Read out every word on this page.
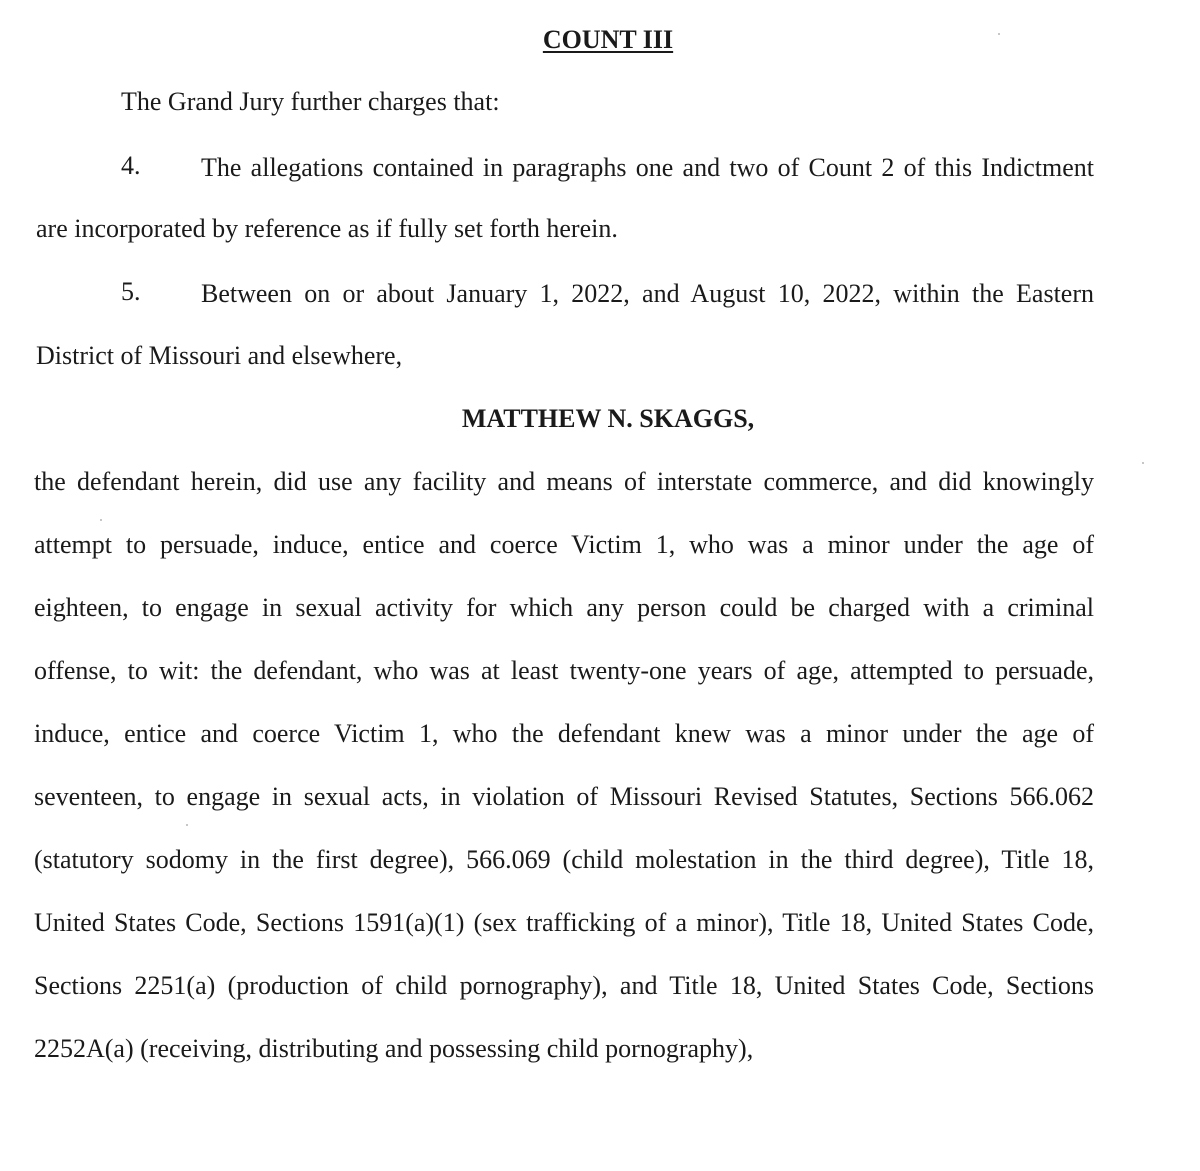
COUNT III
The Grand Jury further charges that:
4. The allegations contained in paragraphs one and two of Count 2 of this Indictment
are incorporated by reference as if fully set forth herein.
5. Between on or about January 1, 2022, and August 10, 2022, within the Eastern
District of Missouri and elsewhere,
MATTHEW N. SKAGGS,
the defendant herein, did use any facility and means of interstate commerce, and did knowingly
attempt to persuade, induce, entice and coerce Victim 1, who was a minor under the age of
eighteen, to engage in sexual activity for which any person could be charged with a criminal
offense, to wit: the defendant, who was at least twenty-one years of age, attempted to persuade,
induce, entice and coerce Victim 1, who the defendant knew was a minor under the age of
seventeen, to engage in sexual acts, in violation of Missouri Revised Statutes, Sections 566.062
(statutory sodomy in the first degree), 566.069 (child molestation in the third degree), Title 18,
United States Code, Sections 1591(a)(1) (sex trafficking of a minor), Title 18, United States Code,
Sections 2251(a) (production of child pornography), and Title 18, United States Code, Sections
2252A(a) (receiving, distributing and possessing child pornography),
